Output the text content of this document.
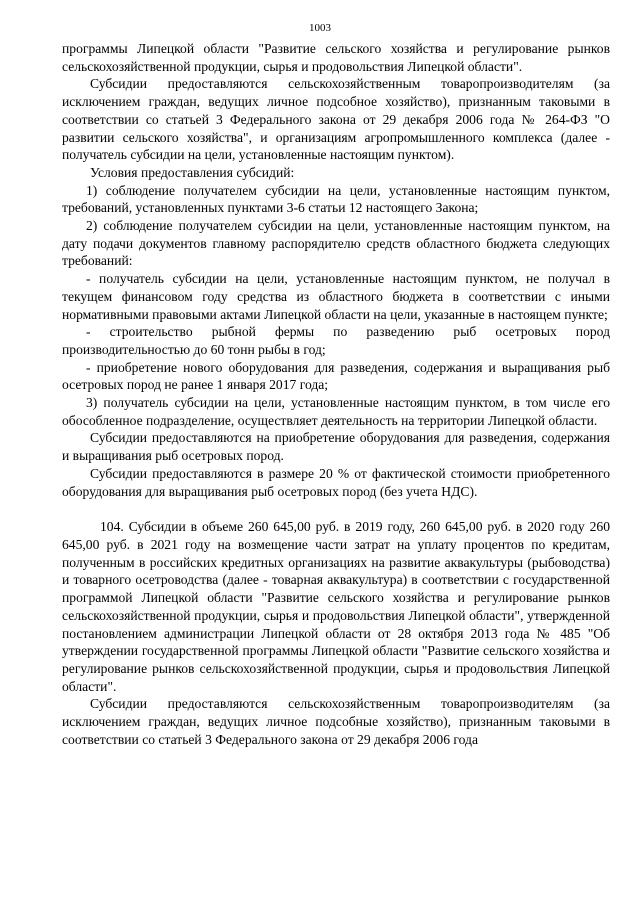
1003

программы Липецкой области "Развитие сельского хозяйства и регулирование рынков сельскохозяйственной продукции, сырья и продовольствия Липецкой области".

Субсидии предоставляются сельскохозяйственным товаропроизводителям (за исключением граждан, ведущих личное подсобное хозяйство), признанным таковыми в соответствии со статьей 3 Федерального закона от 29 декабря 2006 года № 264-ФЗ "О развитии сельского хозяйства", и организациям агропромышленного комплекса (далее - получатель субсидии на цели, установленные настоящим пунктом).

Условия предоставления субсидий:

1) соблюдение получателем субсидии на цели, установленные настоящим пунктом, требований, установленных пунктами 3-6 статьи 12 настоящего Закона;

2) соблюдение получателем субсидии на цели, установленные настоящим пунктом, на дату подачи документов главному распорядителю средств областного бюджета следующих требований:

- получатель субсидии на цели, установленные настоящим пунктом, не получал в текущем финансовом году средства из областного бюджета в соответствии с иными нормативными правовыми актами Липецкой области на цели, указанные в настоящем пункте;

- строительство рыбной фермы по разведению рыб осетровых пород производительностью до 60 тонн рыбы в год;

- приобретение нового оборудования для разведения, содержания и выращивания рыб осетровых пород не ранее 1 января 2017 года;

3) получатель субсидии на цели, установленные настоящим пунктом, в том числе его обособленное подразделение, осуществляет деятельность на территории Липецкой области.

Субсидии предоставляются на приобретение оборудования для разведения, содержания и выращивания рыб осетровых пород.

Субсидии предоставляются в размере 20 % от фактической стоимости приобретенного оборудования для выращивания рыб осетровых пород (без учета НДС).

104. Субсидии в объеме 260 645,00 руб. в 2019 году, 260 645,00 руб. в 2020 году 260 645,00 руб. в 2021 году на возмещение части затрат на уплату процентов по кредитам, полученным в российских кредитных организациях на развитие аквакультуры (рыбоводства) и товарного осетроводства (далее - товарная аквакультура) в соответствии с государственной программой Липецкой области "Развитие сельского хозяйства и регулирование рынков сельскохозяйственной продукции, сырья и продовольствия Липецкой области", утвержденной постановлением администрации Липецкой области от 28 октября 2013 года № 485 "Об утверждении государственной программы Липецкой области "Развитие сельского хозяйства и регулирование рынков сельскохозяйственной продукции, сырья и продовольствия Липецкой области".

Субсидии предоставляются сельскохозяйственным товаропроизводителям (за исключением граждан, ведущих личное подсобные хозяйство), признанным таковыми в соответствии со статьей 3 Федерального закона от 29 декабря 2006 года
